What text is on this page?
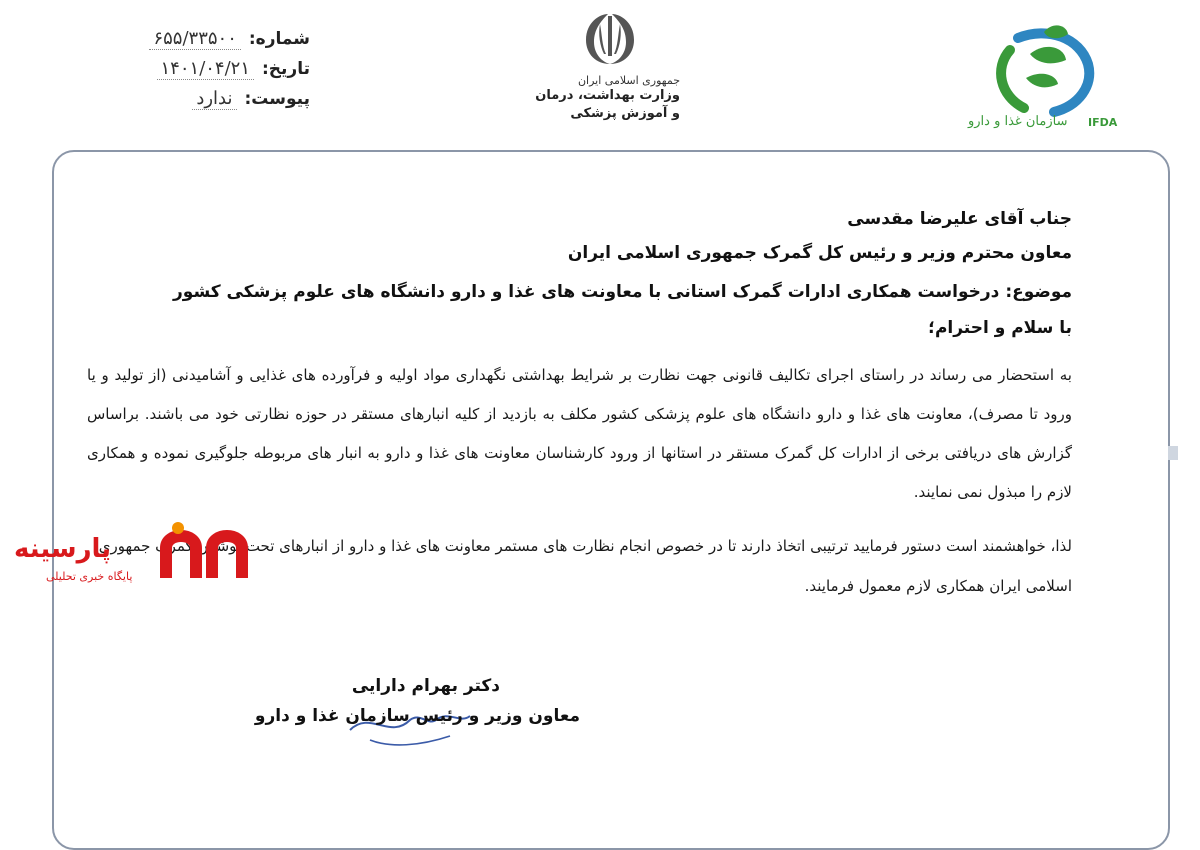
شماره:
۶۵۵/۳۳۵۰۰
تاریخ:
۱۴۰۱/۰۴/۲۱
پیوست:
ندارد
جمهوری اسلامی ایران
وزارت بهداشت، درمان
و آموزش پزشکی
سازمان غذا و دارو IFDA
جناب آقای علیرضا مقدسی
معاون محترم وزیر و رئیس کل گمرک جمهوری اسلامی ایران
موضوع: درخواست همکاری ادارات گمرک استانی با معاونت های غذا و دارو دانشگاه های علوم پزشکی کشور
با سلام و احترام؛
به استحضار می رساند در راستای اجرای تکالیف قانونی جهت نظارت بر شرایط بهداشتی نگهداری مواد اولیه و فرآورده های غذایی و آشامیدنی (از تولید و یا ورود تا مصرف)، معاونت های غذا و دارو دانشگاه های علوم پزشکی کشور مکلف به بازدید از کلیه انبارهای مستقر در حوزه نظارتی خود می باشند. براساس گزارش های دریافتی برخی از ادارات کل گمرک مستقر در استانها از ورود کارشناسان معاونت های غذا و دارو به انبار های مربوطه جلوگیری نموده و همکاری لازم را مبذول نمی نمایند.
لذا، خواهشمند است دستور فرمایید ترتیبی اتخاذ دارند تا در خصوص انجام نظارت های مستمر معاونت های غذا و دارو از انبارهای تحت پوشش گمرک جمهوری اسلامی ایران همکاری لازم معمول فرمایند.
دکتر بهرام دارایی
معاون وزیر و رئیس سازمان غذا و دارو
پارسینه
پایگاه خبری تحلیلی
